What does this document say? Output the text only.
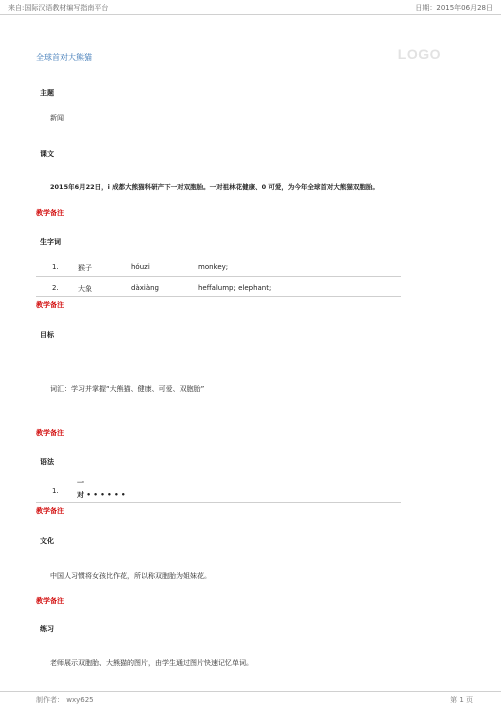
来自:国际汉语教材编写指南平台	日期：2015年06月28日
全球首对大熊猫	LOGO
主题
新闻
课文
2015年6月22日，i 成都大熊猫科研产下一对双胞胎。一对祖林花健康、0 可爱，为今年全球首对大熊猫双胞胎。
教学备注
生字词
1.	猴子	hóuzi	monkey;
2.	大象	dàxiàng	heffalump; elephant;
教学备注
目标
词汇：学习并掌握“大熊猫、健康、可爱、双胞胎”
教学备注
语法
1.
一
对 • • • • • •
教学备注
文化
中国人习惯将女孩比作花，所以称双胞胎为姐妹花。
教学备注
练习
老师展示双胞胎、大熊猫的图片，由学生通过图片快速记忆单词。
制作者： wxy625	第 1 页
